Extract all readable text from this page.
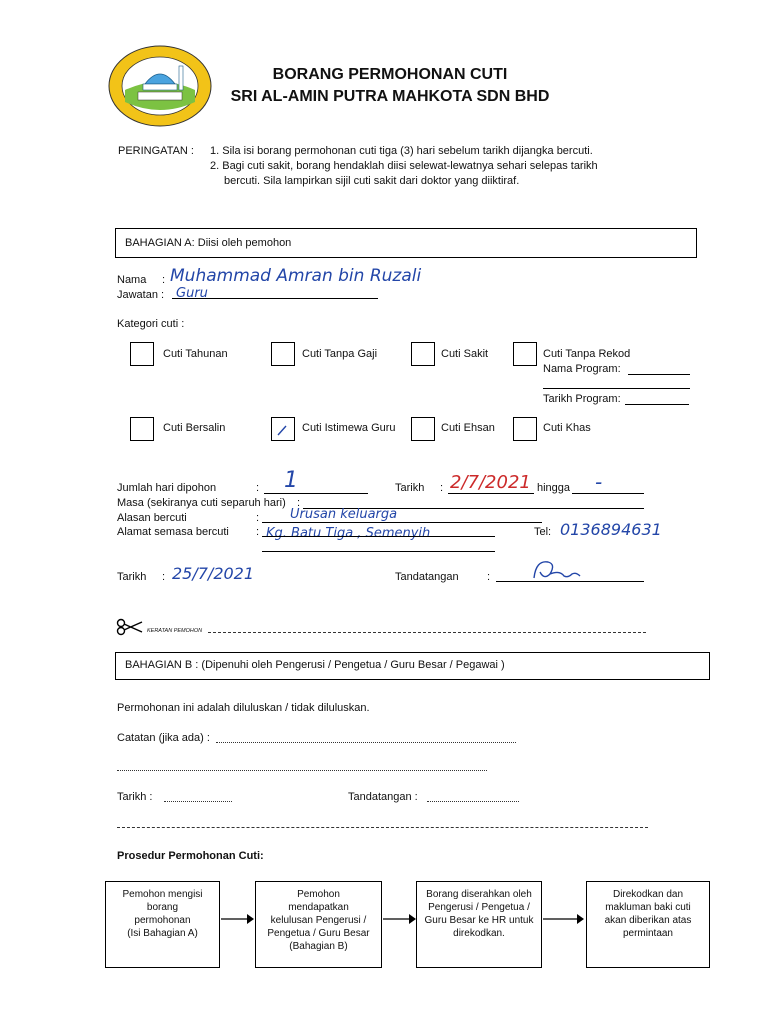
BORANG PERMOHONAN CUTI
SRI AL-AMIN PUTRA MAHKOTA SDN BHD
PERINGATAN : 1. Sila isi borang permohonan cuti tiga (3) hari sebelum tarikh dijangka bercuti.
2. Bagi cuti sakit, borang hendaklah diisi selewat-lewatnya sehari selepas tarikh
bercuti. Sila lampirkan sijil cuti sakit dari doktor yang diiktiraf.
BAHAGIAN A: Diisi oleh pemohon
Nama : Muhammad Amran bin Ruzali
Jawatan : Guru
Kategori cuti :
Cuti Tahunan	Cuti Tanpa Gaji	Cuti Sakit	Cuti Tanpa Rekod
Nama Program:
Tarikh Program:
Cuti Bersalin	Cuti Istimewa Guru	Cuti Ehsan	Cuti Khas
Jumlah hari dipohon	: 1	Tarikh : 2/7/2021 hingga -
Masa (sekiranya cuti separuh hari) :
Alasan bercuti	: Urusan keluarga
Alamat semasa bercuti : Kg. Batu Tiga , Semenyih	Tel: 0136894631
Tarikh : 25/7/2021	Tandatangan	:
KERATAN PEMOHON
BAHAGIAN B : (Dipenuhi oleh Pengerusi / Pengetua / Guru Besar / Pegawai )
Permohonan ini adalah diluluskan / tidak diluluskan.
Catatan (jika ada) :
Tarikh :	Tandatangan :
Prosedur Permohonan Cuti:
Pemohon mengisi
borang
permohonan
(Isi Bahagian A)
Pemohon
mendapatkan
kelulusan Pengerusi /
Pengetua / Guru Besar
(Bahagian B)
Borang diserahkan oleh
Pengerusi / Pengetua /
Guru Besar ke HR untuk
direkodkan.
Direkodkan dan
makluman baki cuti
akan diberikan atas
permintaan
